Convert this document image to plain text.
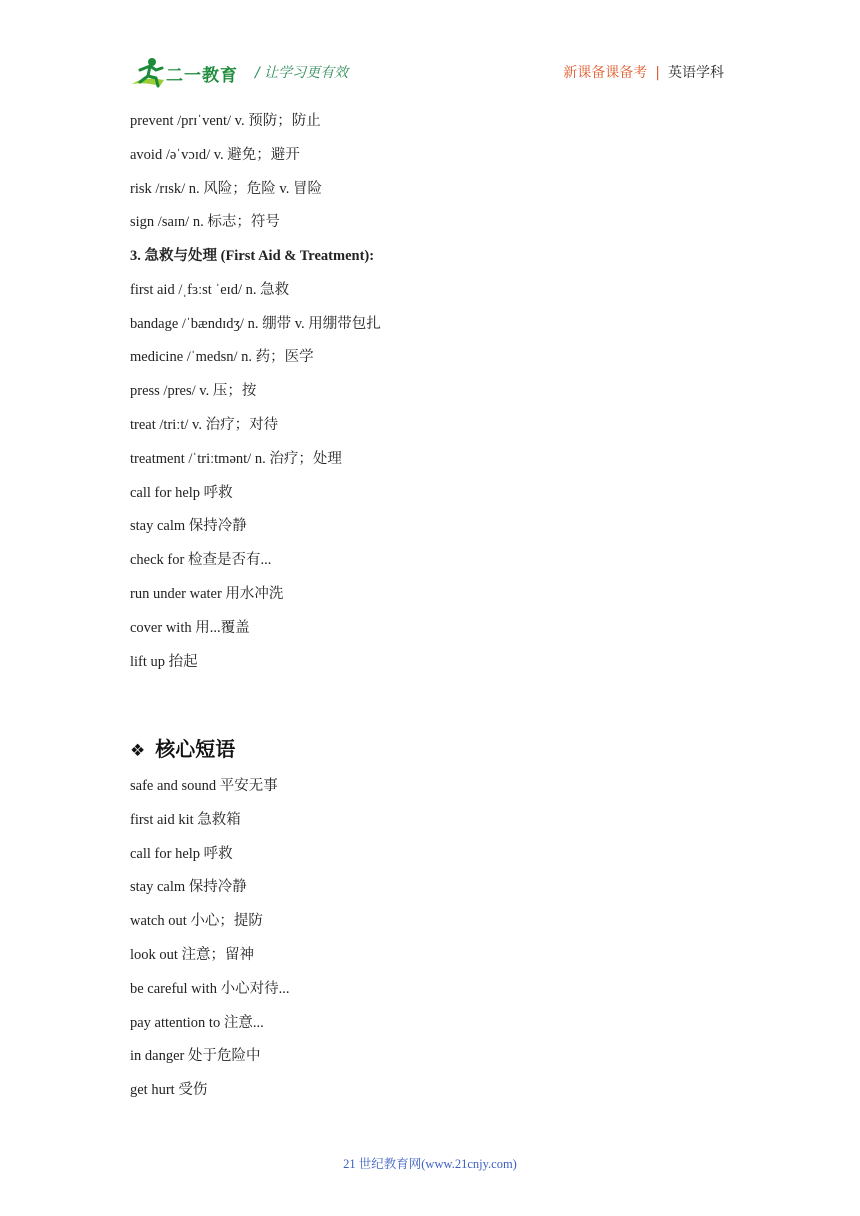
二一教育 / 让学习更有效	新课备课备考 | 英语学科
prevent /prɪˈvent/ v. 预防；防止
avoid /əˈvɔɪd/ v. 避免；避开
risk /rɪsk/ n. 风险；危险 v. 冒险
sign /saɪn/ n. 标志；符号
3. 急救与处理 (First Aid & Treatment):
first aid /ˌfɜːst ˈeɪd/ n. 急救
bandage /ˈbændɪdʒ/ n. 绷带 v. 用绷带包扎
medicine /ˈmedsn/ n. 药；医学
press /pres/ v. 压；按
treat /triːt/ v. 治疗；对待
treatment /ˈtriːtmənt/ n. 治疗；处理
call for help 呼救
stay calm 保持冷静
check for 检查是否有...
run under water 用水冲洗
cover with 用...覆盖
lift up 抬起
❖ 核心短语
safe and sound 平安无事
first aid kit 急救箱
call for help 呼救
stay calm 保持冷静
watch out 小心；提防
look out 注意；留神
be careful with 小心对待...
pay attention to 注意...
in danger 处于危险中
get hurt 受伤
21 世纪教育网(www.21cnjy.com)
